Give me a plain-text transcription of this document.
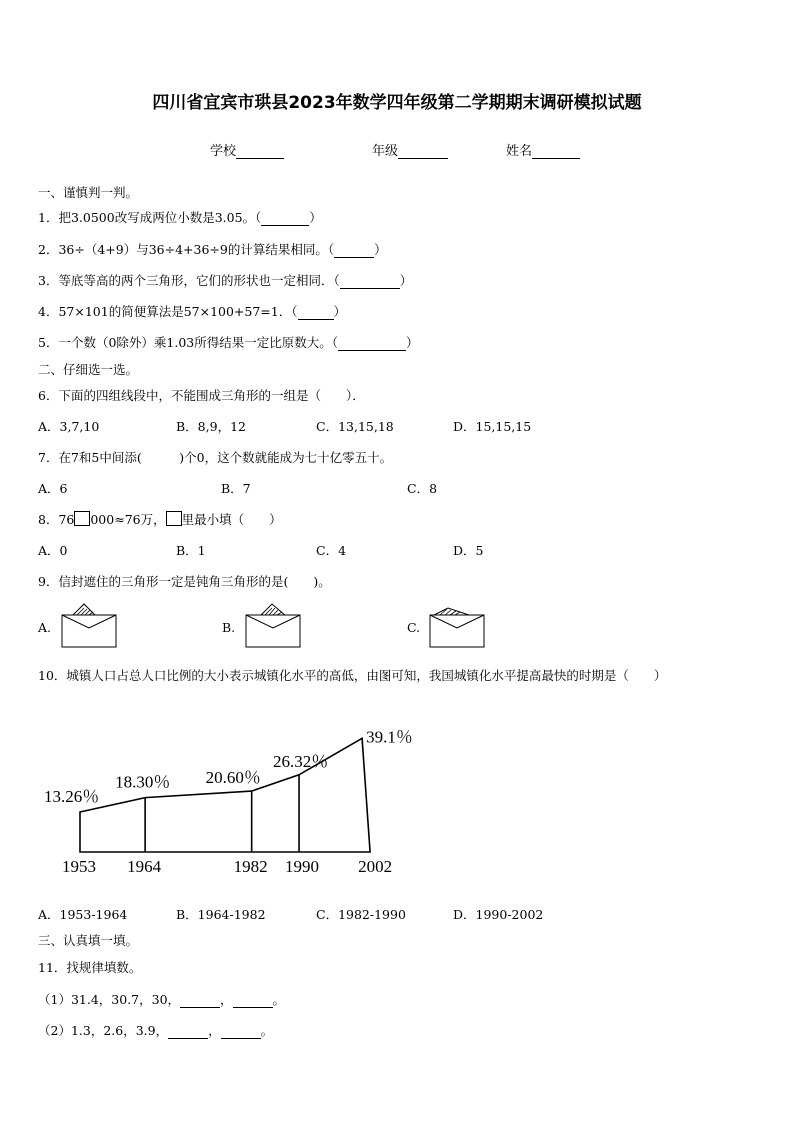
四川省宜宾市珙县2023年数学四年级第二学期期末调研模拟试题
学校	年级	姓名
一、谨慎判一判。
1．把3.0500改写成两位小数是3.05。（	）
2．36÷（4+9）与36÷4+36÷9的计算结果相同。（	）
3．等底等高的两个三角形，它们的形状也一定相同．（	）
4．57×101的简便算法是57×100+57=1．（	）
5．一个数（0除外）乘1.03所得结果一定比原数大。（	）
二、仔细选一选。
6．下面的四组线段中，不能围成三角形的一组是（　　）．
A．3,7,10	B．8,9，12	C．13,15,18	D．15,15,15
7．在7和5中间添(　　　)个0，这个数就能成为七十亿零五十。
A．6	B．7	C．8
8．76 000≈76万， 里最小填（　　）
A．0	B．1	C．4	D．5
9．信封遮住的三角形一定是钝角三角形的是(　　)。
A.	B.	C.
10．城镇人口占总人口比例的大小表示城镇化水平的高低，由图可知，我国城镇化水平提高最快的时期是（　　）
13.26％
18.30％ 20.60％
26.32％
39.1％
1953 1964	1982 1990 2002
A．1953-1964	B．1964-1982	C．1982-1990	D．1990-2002
三、认真填一填。
11．找规律填数。
（1）31.4，30.7，30，	，	。
（2）1.3，2.6，3.9，	，	。
